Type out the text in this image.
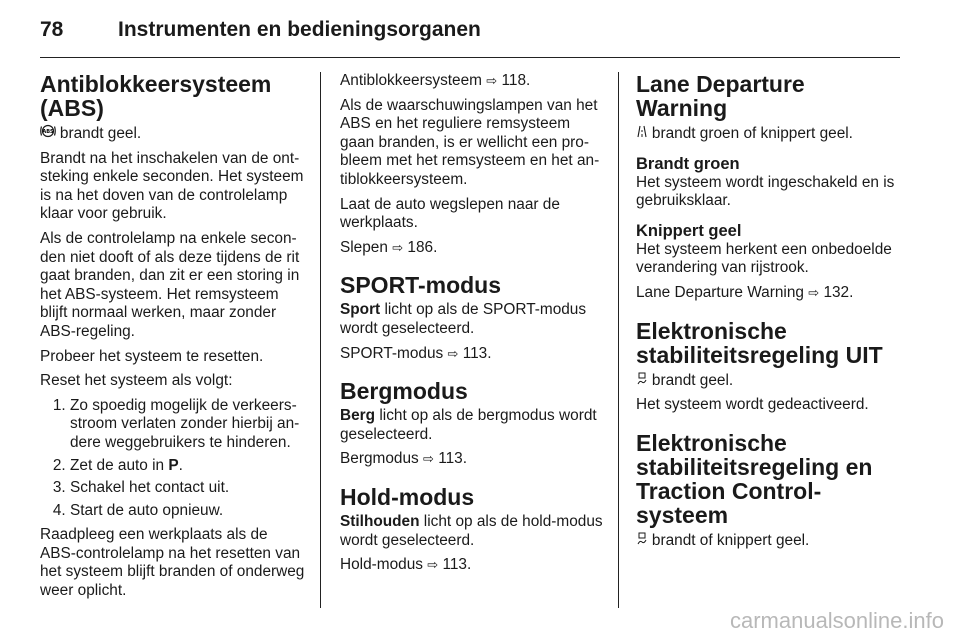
78	Instrumenten en bedieningsorganen
Antiblokkeersysteem (ABS)

ABS brandt geel.

Brandt na het inschakelen van de ontsteking enkele seconden. Het systeem is na het doven van de controlelamp klaar voor gebruik.

Als de controlelamp na enkele seconden niet dooft of als deze tijdens de rit gaat branden, dan zit er een storing in het ABS-systeem. Het remsysteem blijft normaal werken, maar zonder ABS-regeling.

Probeer het systeem te resetten.

Reset het systeem als volgt:

1. Zo spoedig mogelijk de verkeersstroom verlaten zonder hierbij andere weggebruikers te hinderen.
2. Zet de auto in P.
3. Schakel het contact uit.
4. Start de auto opnieuw.

Raadpleeg een werkplaats als de ABS-controlelamp na het resetten van het systeem blijft branden of onderweg weer oplicht.

Antiblokkeersysteem ⇨ 118.

Als de waarschuwingslampen van het ABS en het reguliere remsysteem gaan branden, is er wellicht een probleem met het remsysteem en het antiblokkeersysteem.

Laat de auto wegslepen naar de werkplaats.

Slepen ⇨ 186.

SPORT-modus

Sport licht op als de SPORT-modus wordt geselecteerd.

SPORT-modus ⇨ 113.

Bergmodus

Berg licht op als de bergmodus wordt geselecteerd.

Bergmodus ⇨ 113.

Hold-modus

Stilhouden licht op als de hold-modus wordt geselecteerd.

Hold-modus ⇨ 113.

Lane Departure Warning

brandt groen of knippert geel.

Brandt groen

Het systeem wordt ingeschakeld en is gebruiksklaar.

Knippert geel

Het systeem herkent een onbedoelde verandering van rijstrook.

Lane Departure Warning ⇨ 132.

Elektronische stabiliteitsregeling UIT

brandt geel.

Het systeem wordt gedeactiveerd.

Elektronische stabiliteitsregeling en Traction Control-systeem

brandt of knippert geel.

carmanualsonline.info
